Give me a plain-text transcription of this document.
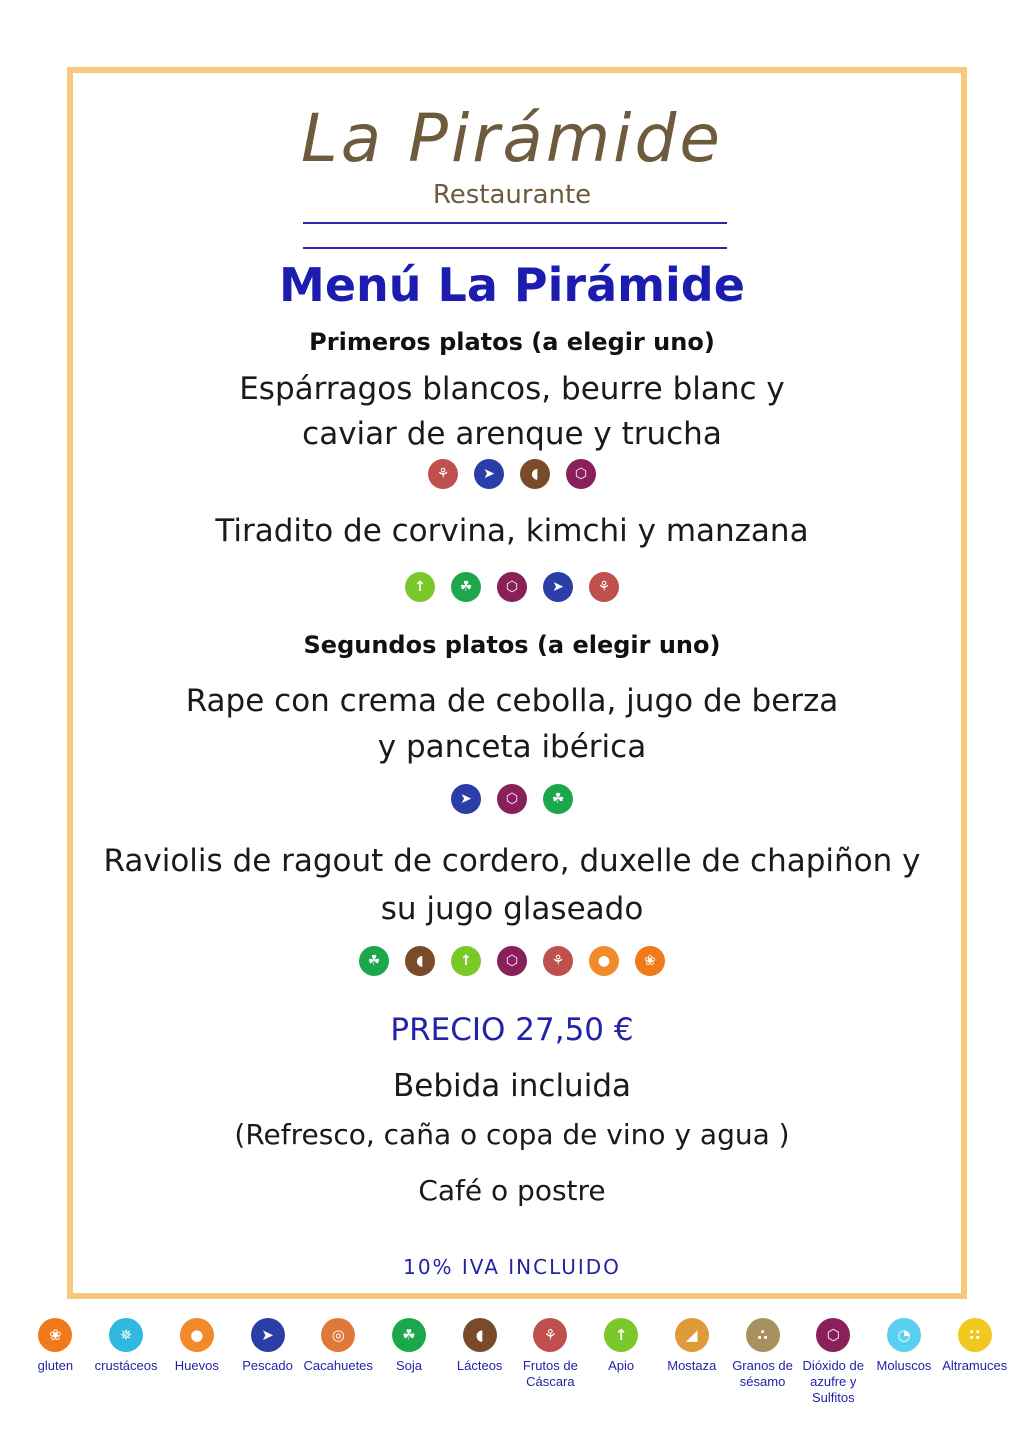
La Pirámide
Restaurante
Menú La Pirámide
Primeros platos (a elegir uno)
Espárragos blancos, beurre blanc y
caviar de arenque y trucha
⚘	➤	◖	⬡
Tiradito de corvina, kimchi y manzana
↑	☘	⬡	➤	⚘
Segundos platos (a elegir uno)
Rape con crema de cebolla, jugo de berza
y panceta ibérica
➤	⬡	☘
Raviolis de ragout de cordero, duxelle de chapiñon y
su jugo glaseado
☘	◖	↑	⬡	⚘	●	❀
PRECIO 27,50 €
Bebida incluida
(Refresco, caña o copa de vino y agua )
Café o postre
10% IVA INCLUIDO
❀
gluten
✵
crustáceos
●
Huevos
➤
Pescado
◎
Cacahuetes
☘
Soja
◖
Lácteos
⚘
Frutos de Cáscara
↑
Apio
◢
Mostaza
∴
Granos de sésamo
⬡
Dióxido de azufre y Sulfitos
◔
Moluscos
∷
Altramuces
